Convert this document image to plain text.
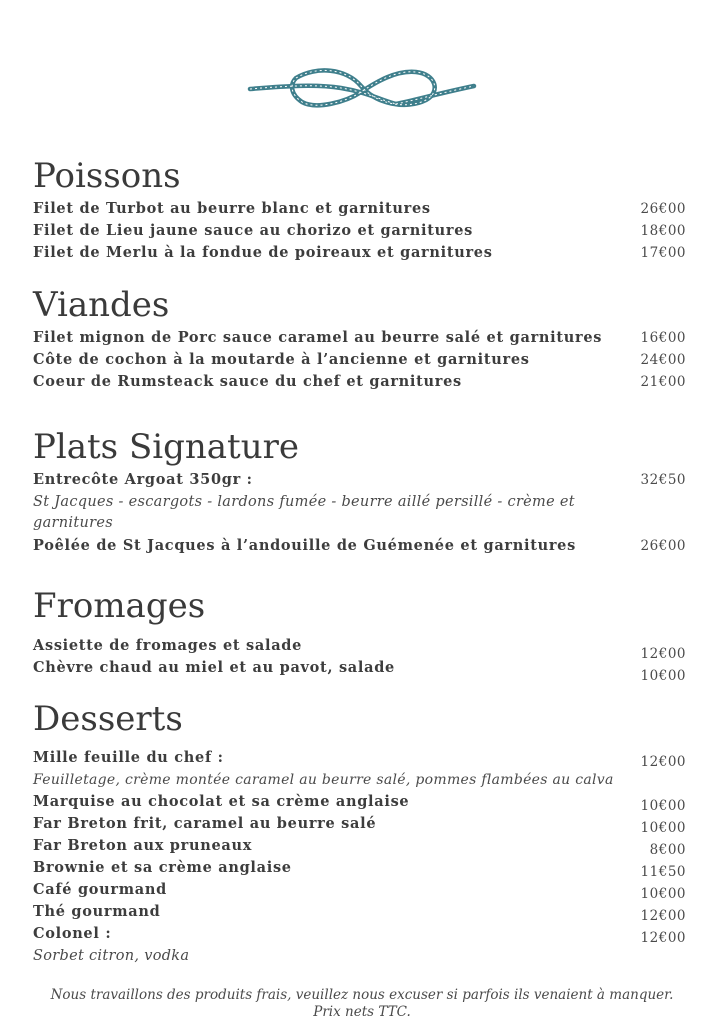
Poissons
Filet de Turbot au beurre blanc et garnitures	26€00
Filet de Lieu jaune sauce au chorizo et garnitures	18€00
Filet de Merlu à la fondue de poireaux et garnitures	17€00
Viandes
Filet mignon de Porc sauce caramel au beurre salé et garnitures	16€00
Côte de cochon à la moutarde à l’ancienne et garnitures	24€00
Coeur de Rumsteack sauce du chef et garnitures	21€00
Plats Signature
Entrecôte Argoat 350gr :	32€50
St Jacques - escargots - lardons fumée - beurre aillé persillé - crème et garnitures
Poêlée de St Jacques à l’andouille de Guémenée et garnitures	26€00
Fromages
Assiette de fromages et salade	12€00
Chèvre chaud au miel et au pavot, salade	10€00
Desserts
Mille feuille du chef :	12€00
Feuilletage, crème montée caramel au beurre salé, pommes flambées au calva
Marquise au chocolat et sa crème anglaise	10€00
Far Breton frit, caramel au beurre salé	10€00
Far Breton aux pruneaux	8€00
Brownie et sa crème anglaise	11€50
Café gourmand	10€00
Thé gourmand	12€00
Colonel :	12€00
Sorbet citron, vodka
Nous travaillons des produits frais, veuillez nous excuser si parfois ils venaient à manquer.
Prix nets TTC.
